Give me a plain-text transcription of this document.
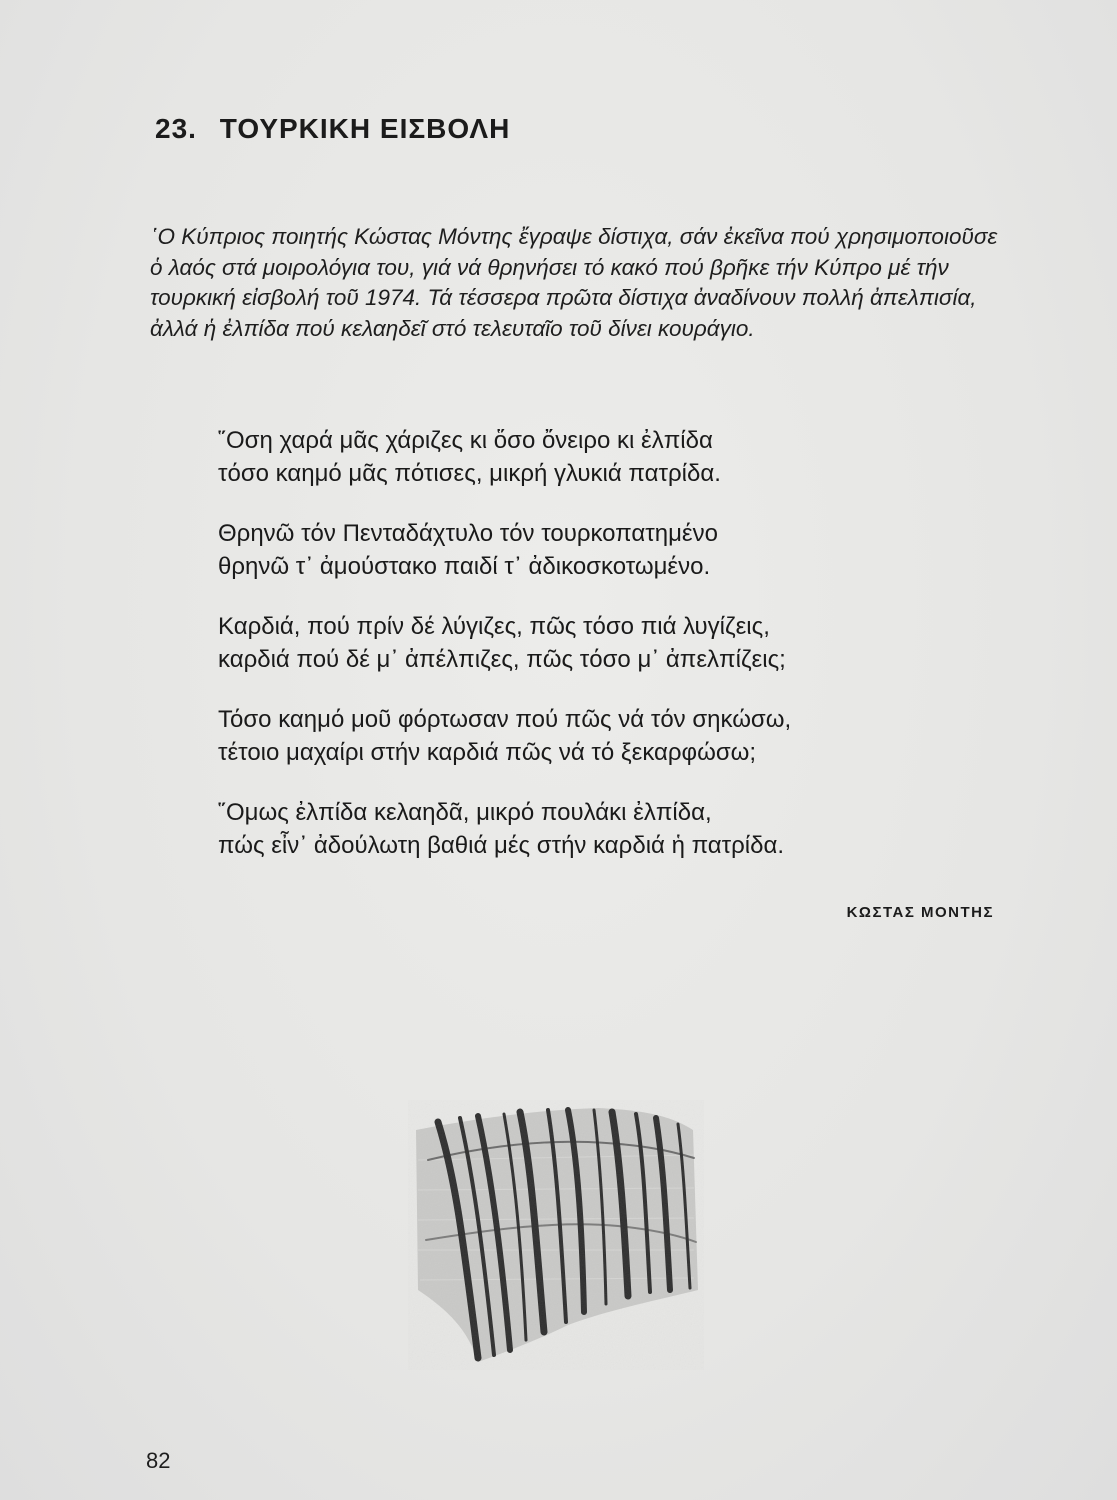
23. ΤΟΥΡΚΙΚΗ ΕΙΣΒΟΛΗ
῾Ο Κύπριος ποιητής Κώστας Μόντης ἔγραψε δίστιχα, σάν ἐκεῖνα πού χρησιμοποιοῦσε ὁ λαός στά μοιρολόγια του, γιά νά θρηνήσει τό κακό πού βρῆκε τήν Κύπρο μέ τήν τουρκική εἰσβολή τοῦ 1974. Τά τέσσερα πρῶτα δίστιχα ἀναδίνουν πολλή ἀπελπισία, ἀλλά ἡ ἐλπίδα πού κελαηδεῖ στό τελευταῖο τοῦ δίνει κουράγιο.
῞Οση χαρά μᾶς χάριζες κι ὅσο ὄνειρο κι ἐλπίδα
τόσο καημό μᾶς πότισες, μικρή γλυκιά πατρίδα.
Θρηνῶ τόν Πενταδάχτυλο τόν τουρκοπατημένο
θρηνῶ τ᾿ ἀμούστακο παιδί τ᾿ ἀδικοσκοτωμένο.
Καρδιά, πού πρίν δέ λύγιζες, πῶς τόσο πιά λυγίζεις,
καρδιά πού δέ μ᾿ ἀπέλπιζες, πῶς τόσο μ᾿ ἀπελπίζεις;
Τόσο καημό μοῦ φόρτωσαν πού πῶς νά τόν σηκώσω,
τέτοιο μαχαίρι στήν καρδιά πῶς νά τό ξεκαρφώσω;
῞Ομως ἐλπίδα κελαηδᾶ, μικρό πουλάκι ἐλπίδα,
πώς εἶν᾿ ἀδούλωτη βαθιά μές στήν καρδιά ἡ πατρίδα.
ΚΩΣΤΑΣ ΜΟΝΤΗΣ
82
